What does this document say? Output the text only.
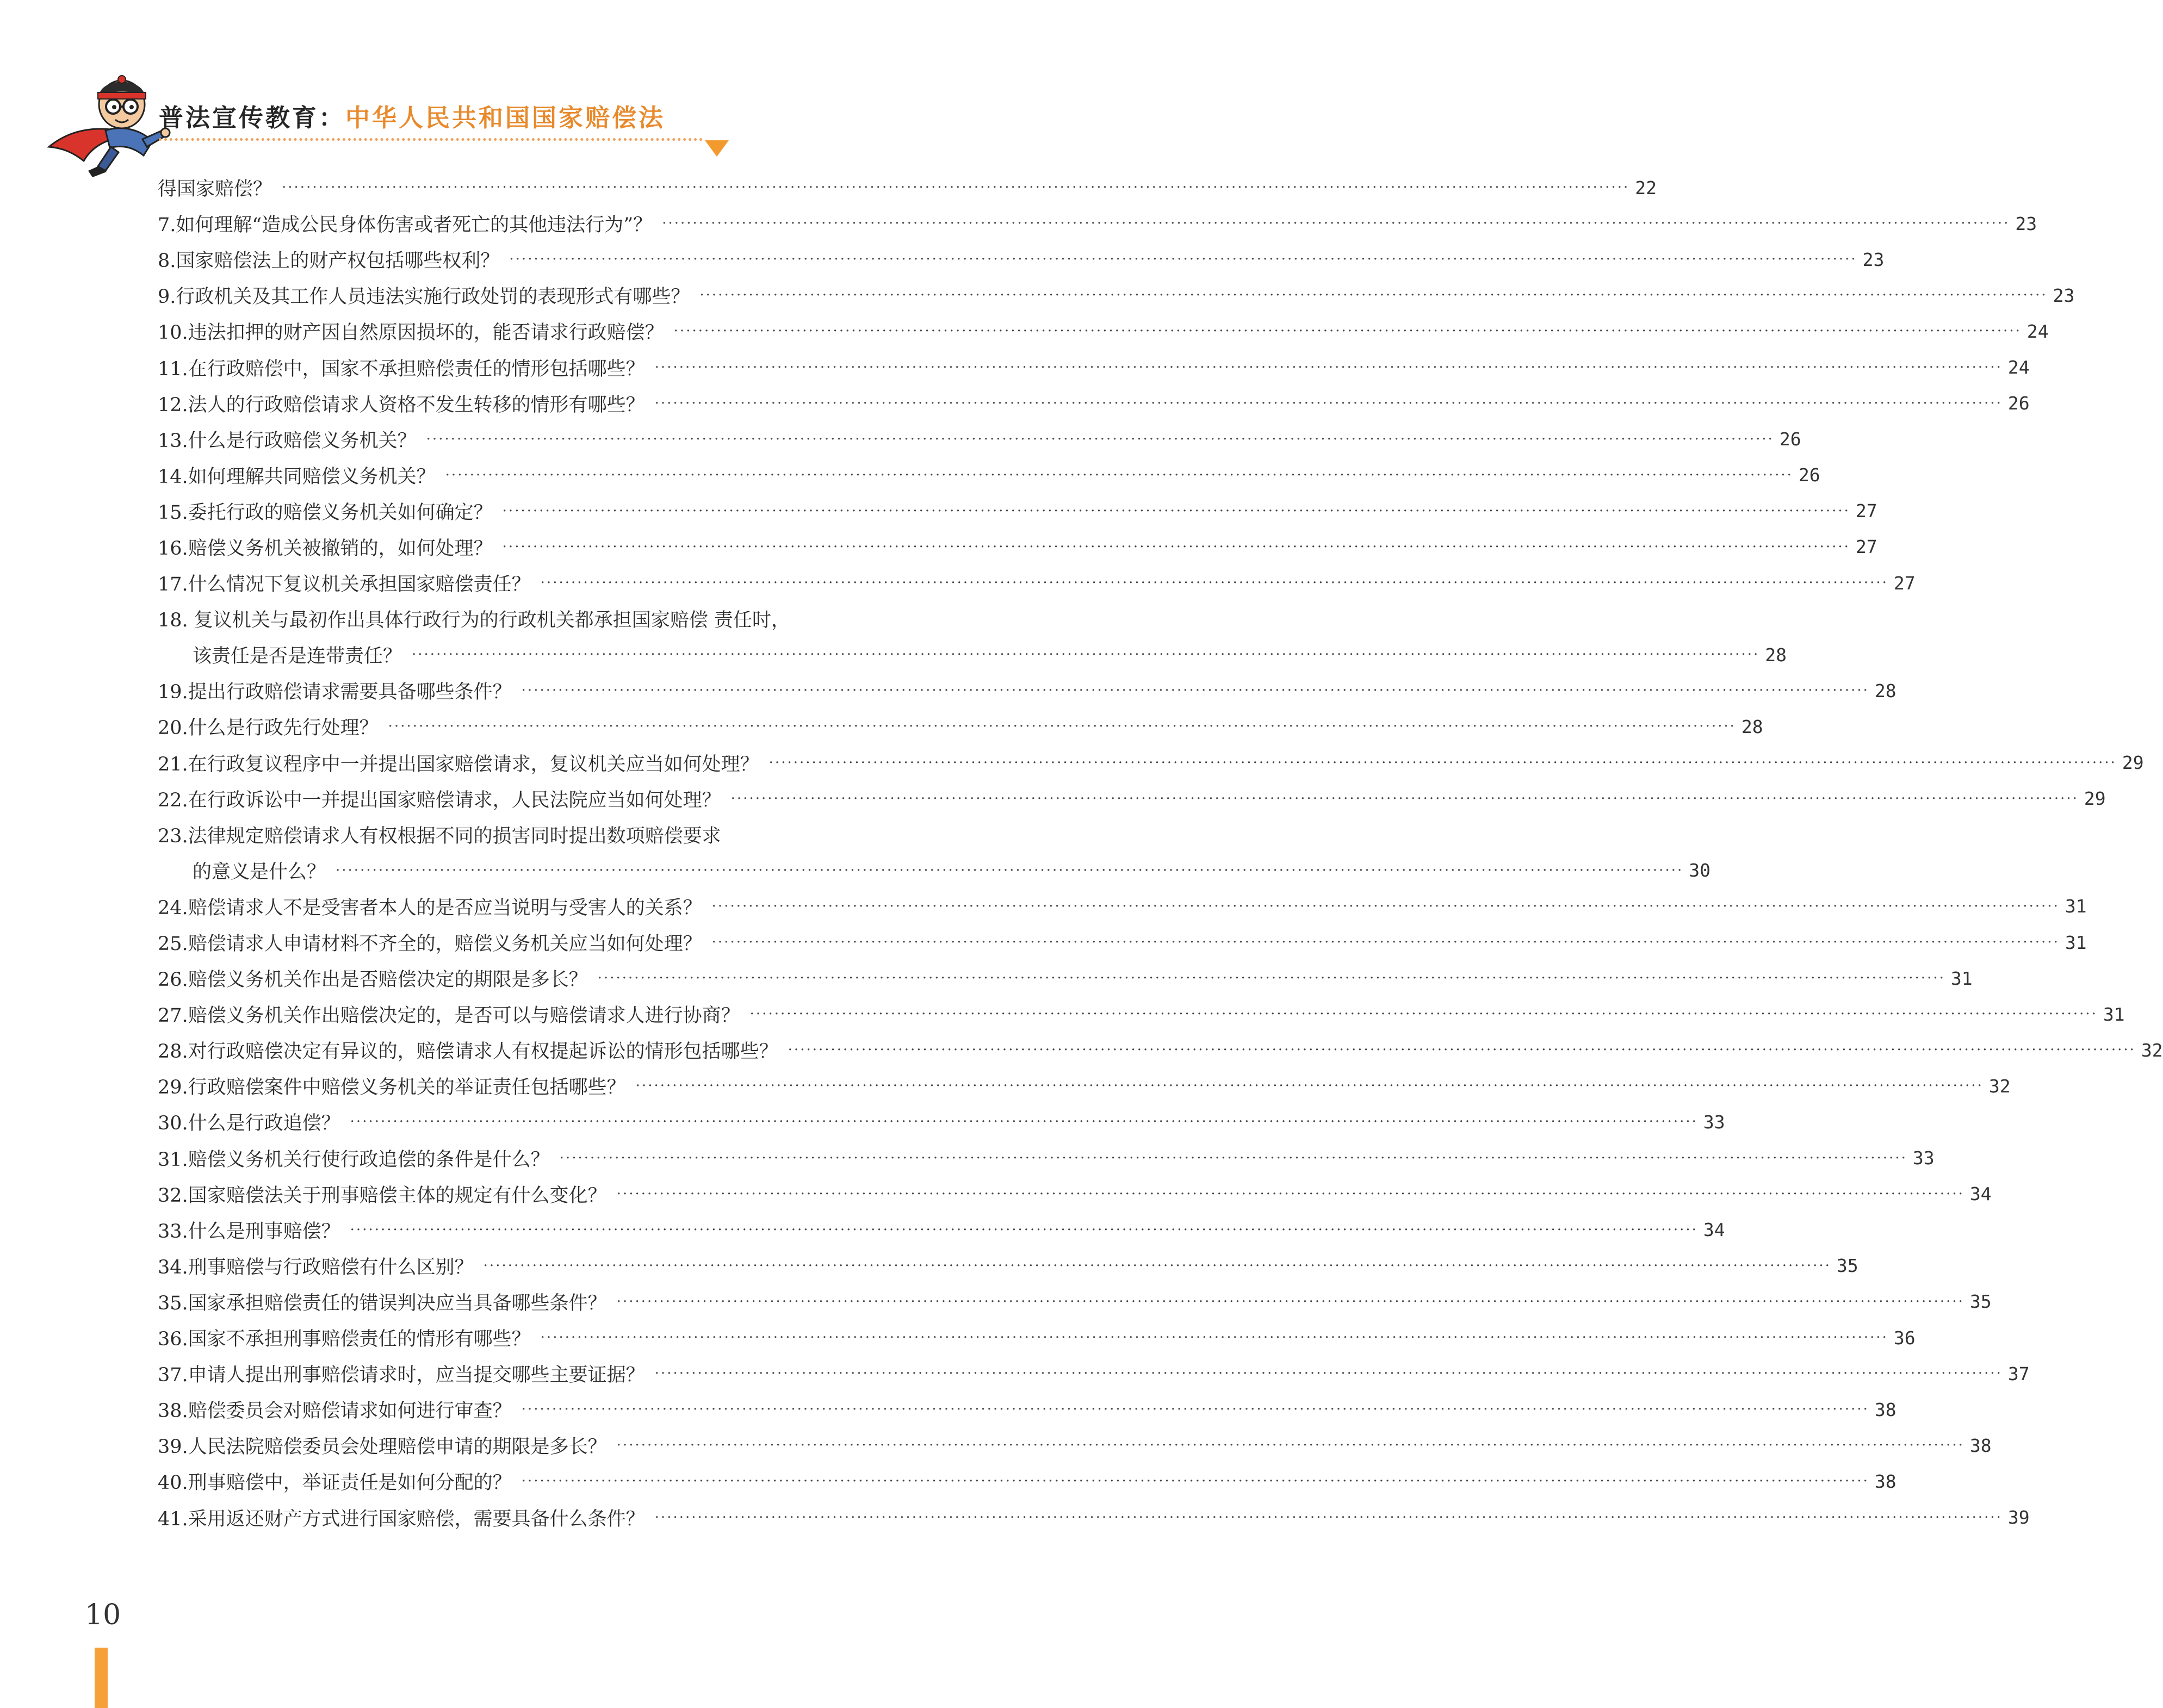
普法宣传教育：中华人民共和国国家赔偿法
得国家赔偿？ ···························································································································································································································· 22
7.如何理解“造成公民身体伤害或者死亡的其他违法行为”？ ···························································································································································································································· 23
8.国家赔偿法上的财产权包括哪些权利？ ···························································································································································································································· 23
9.行政机关及其工作人员违法实施行政处罚的表现形式有哪些？ ···························································································································································································································· 23
10.违法扣押的财产因自然原因损坏的，能否请求行政赔偿？ ···························································································································································································································· 24
11.在行政赔偿中，国家不承担赔偿责任的情形包括哪些？ ···························································································································································································································· 24
12.法人的行政赔偿请求人资格不发生转移的情形有哪些？ ···························································································································································································································· 26
13.什么是行政赔偿义务机关？ ···························································································································································································································· 26
14.如何理解共同赔偿义务机关？ ···························································································································································································································· 26
15.委托行政的赔偿义务机关如何确定？ ···························································································································································································································· 27
16.赔偿义务机关被撤销的，如何处理？ ···························································································································································································································· 27
17.什么情况下复议机关承担国家赔偿责任？ ···························································································································································································································· 27
18. 复议机关与最初作出具体行政行为的行政机关都承担国家赔偿 责任时，
该责任是否是连带责任？ ···························································································································································································································· 28
19.提出行政赔偿请求需要具备哪些条件？ ···························································································································································································································· 28
20.什么是行政先行处理？ ···························································································································································································································· 28
21.在行政复议程序中一并提出国家赔偿请求，复议机关应当如何处理？ ···························································································································································································································· 29
22.在行政诉讼中一并提出国家赔偿请求，人民法院应当如何处理？ ···························································································································································································································· 29
23.法律规定赔偿请求人有权根据不同的损害同时提出数项赔偿要求
的意义是什么？ ···························································································································································································································· 30
24.赔偿请求人不是受害者本人的是否应当说明与受害人的关系？ ···························································································································································································································· 31
25.赔偿请求人申请材料不齐全的，赔偿义务机关应当如何处理？ ···························································································································································································································· 31
26.赔偿义务机关作出是否赔偿决定的期限是多长？ ···························································································································································································································· 31
27.赔偿义务机关作出赔偿决定的，是否可以与赔偿请求人进行协商？ ···························································································································································································································· 31
28.对行政赔偿决定有异议的，赔偿请求人有权提起诉讼的情形包括哪些？ ···························································································································································································································· 32
29.行政赔偿案件中赔偿义务机关的举证责任包括哪些？ ···························································································································································································································· 32
30.什么是行政追偿？ ···························································································································································································································· 33
31.赔偿义务机关行使行政追偿的条件是什么？ ···························································································································································································································· 33
32.国家赔偿法关于刑事赔偿主体的规定有什么变化？ ···························································································································································································································· 34
33.什么是刑事赔偿？ ···························································································································································································································· 34
34.刑事赔偿与行政赔偿有什么区别？ ···························································································································································································································· 35
35.国家承担赔偿责任的错误判决应当具备哪些条件？ ···························································································································································································································· 35
36.国家不承担刑事赔偿责任的情形有哪些？ ···························································································································································································································· 36
37.申请人提出刑事赔偿请求时，应当提交哪些主要证据？ ···························································································································································································································· 37
38.赔偿委员会对赔偿请求如何进行审查？ ···························································································································································································································· 38
39.人民法院赔偿委员会处理赔偿申请的期限是多长？ ···························································································································································································································· 38
40.刑事赔偿中，举证责任是如何分配的？ ···························································································································································································································· 38
41.采用返还财产方式进行国家赔偿，需要具备什么条件？ ···························································································································································································································· 39
10
